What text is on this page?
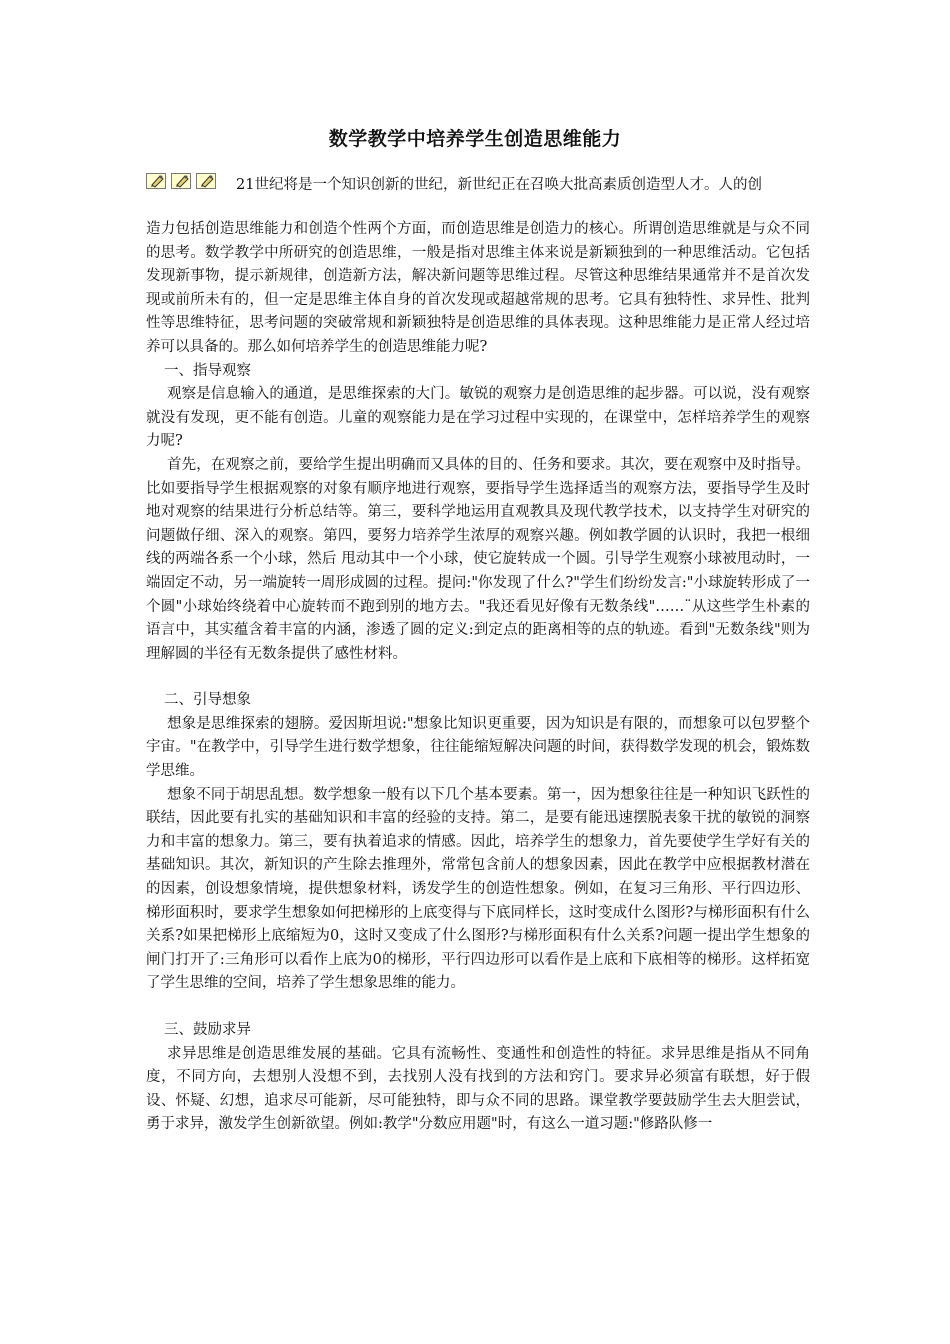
数学教学中培养学生创造思维能力
21世纪将是一个知识创新的世纪，新世纪正在召唤大批高素质创造型人才。人的创

造力包括创造思维能力和创造个性两个方面，而创造思维是创造力的核心。所谓创造思维就是与众不同的思考。数学教学中所研究的创造思维，一般是指对思维主体来说是新颖独到的一种思维活动。它包括发现新事物，提示新规律，创造新方法，解决新问题等思维过程。尽管这种思维结果通常并不是首次发现或前所未有的，但一定是思维主体自身的首次发现或超越常规的思考。它具有独特性、求异性、批判性等思维特征，思考问题的突破常规和新颖独特是创造思维的具体表现。这种思维能力是正常人经过培养可以具备的。那么如何培养学生的创造思维能力呢?

一、指导观察

观察是信息输入的通道，是思维探索的大门。敏锐的观察力是创造思维的起步器。可以说，没有观察就没有发现，更不能有创造。儿童的观察能力是在学习过程中实现的，在课堂中，怎样培养学生的观察力呢?

首先，在观察之前，要给学生提出明确而又具体的目的、任务和要求。其次，要在观察中及时指导。比如要指导学生根据观察的对象有顺序地进行观察，要指导学生选择适当的观察方法，要指导学生及时地对观察的结果进行分析总结等。第三，要科学地运用直观教具及现代教学技术，以支持学生对研究的问题做仔细、深入的观察。第四，要努力培养学生浓厚的观察兴趣。例如教学圆的认识时，我把一根细线的两端各系一个小球，然后 甩动其中一个小球，使它旋转成一个圆。引导学生观察小球被甩动时，一端固定不动，另一端旋转一周形成圆的过程。提问:"你发现了什么?"学生们纷纷发言:"小球旋转形成了一个圆"小球始终绕着中心旋转而不跑到别的地方去。"我还看见好像有无数条线"……¨从这些学生朴素的语言中，其实蕴含着丰富的内涵，渗透了圆的定义:到定点的距离相等的点的轨迹。看到"无数条线"则为理解圆的半径有无数条提供了感性材料。

二、引导想象

想象是思维探索的翅膀。爱因斯坦说:"想象比知识更重要，因为知识是有限的，而想象可以包罗整个宇宙。"在教学中，引导学生进行数学想象，往往能缩短解决问题的时间，获得数学发现的机会，锻炼数学思维。

想象不同于胡思乱想。数学想象一般有以下几个基本要素。第一，因为想象往往是一种知识飞跃性的联结，因此要有扎实的基础知识和丰富的经验的支持。第二，是要有能迅速摆脱表象干扰的敏锐的洞察力和丰富的想象力。第三，要有执着追求的情感。因此，培养学生的想象力，首先要使学生学好有关的基础知识。其次，新知识的产生除去推理外，常常包含前人的想象因素，因此在教学中应根据教材潜在的因素，创设想象情境，提供想象材料，诱发学生的创造性想象。例如，在复习三角形、平行四边形、梯形面积时，要求学生想象如何把梯形的上底变得与下底同样长，这时变成什么图形?与梯形面积有什么关系?如果把梯形上底缩短为0，这时又变成了什么图形?与梯形面积有什么关系?问题一提出学生想象的闸门打开了:三角形可以看作上底为0的梯形，平行四边形可以看作是上底和下底相等的梯形。这样拓宽了学生思维的空间，培养了学生想象思维的能力。

三、鼓励求异

求异思维是创造思维发展的基础。它具有流畅性、变通性和创造性的特征。求异思维是指从不同角度，不同方向，去想别人没想不到，去找别人没有找到的方法和窍门。要求异必须富有联想，好于假设、怀疑、幻想，追求尽可能新，尽可能独特，即与众不同的思路。课堂教学要鼓励学生去大胆尝试，勇于求异，激发学生创新欲望。例如:教学"分数应用题"时，有这么一道习题:"修路队修一
